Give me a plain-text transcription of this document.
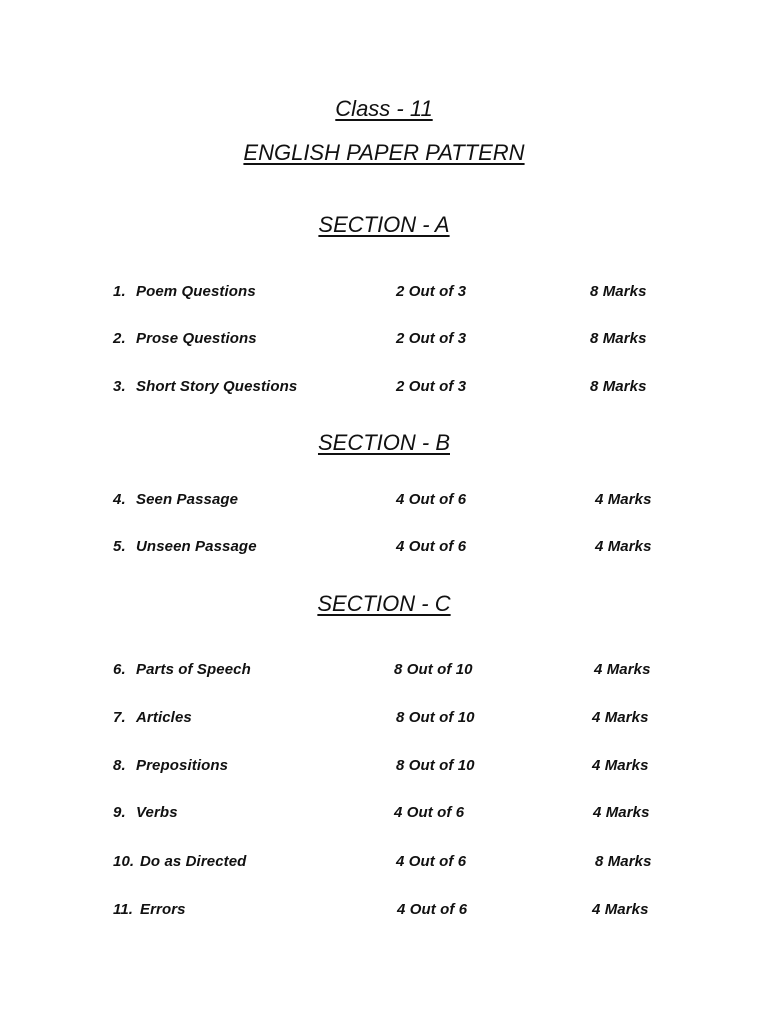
Class - 11
ENGLISH PAPER PATTERN
SECTION - A
1. Poem Questions	2 Out of 3	8 Marks
2. Prose Questions	2 Out of 3	8 Marks
3. Short Story Questions	2 Out of 3	8 Marks
SECTION - B
4. Seen Passage	4 Out of 6	4 Marks
5. Unseen Passage	4 Out of 6	4 Marks
SECTION - C
6. Parts of Speech	8 Out of 10	4 Marks
7. Articles	8 Out of 10	4 Marks
8. Prepositions	8 Out of 10	4 Marks
9. Verbs	4 Out of 6	4 Marks
10. Do as Directed	4 Out of 6	8 Marks
11. Errors	4 Out of 6	4 Marks
